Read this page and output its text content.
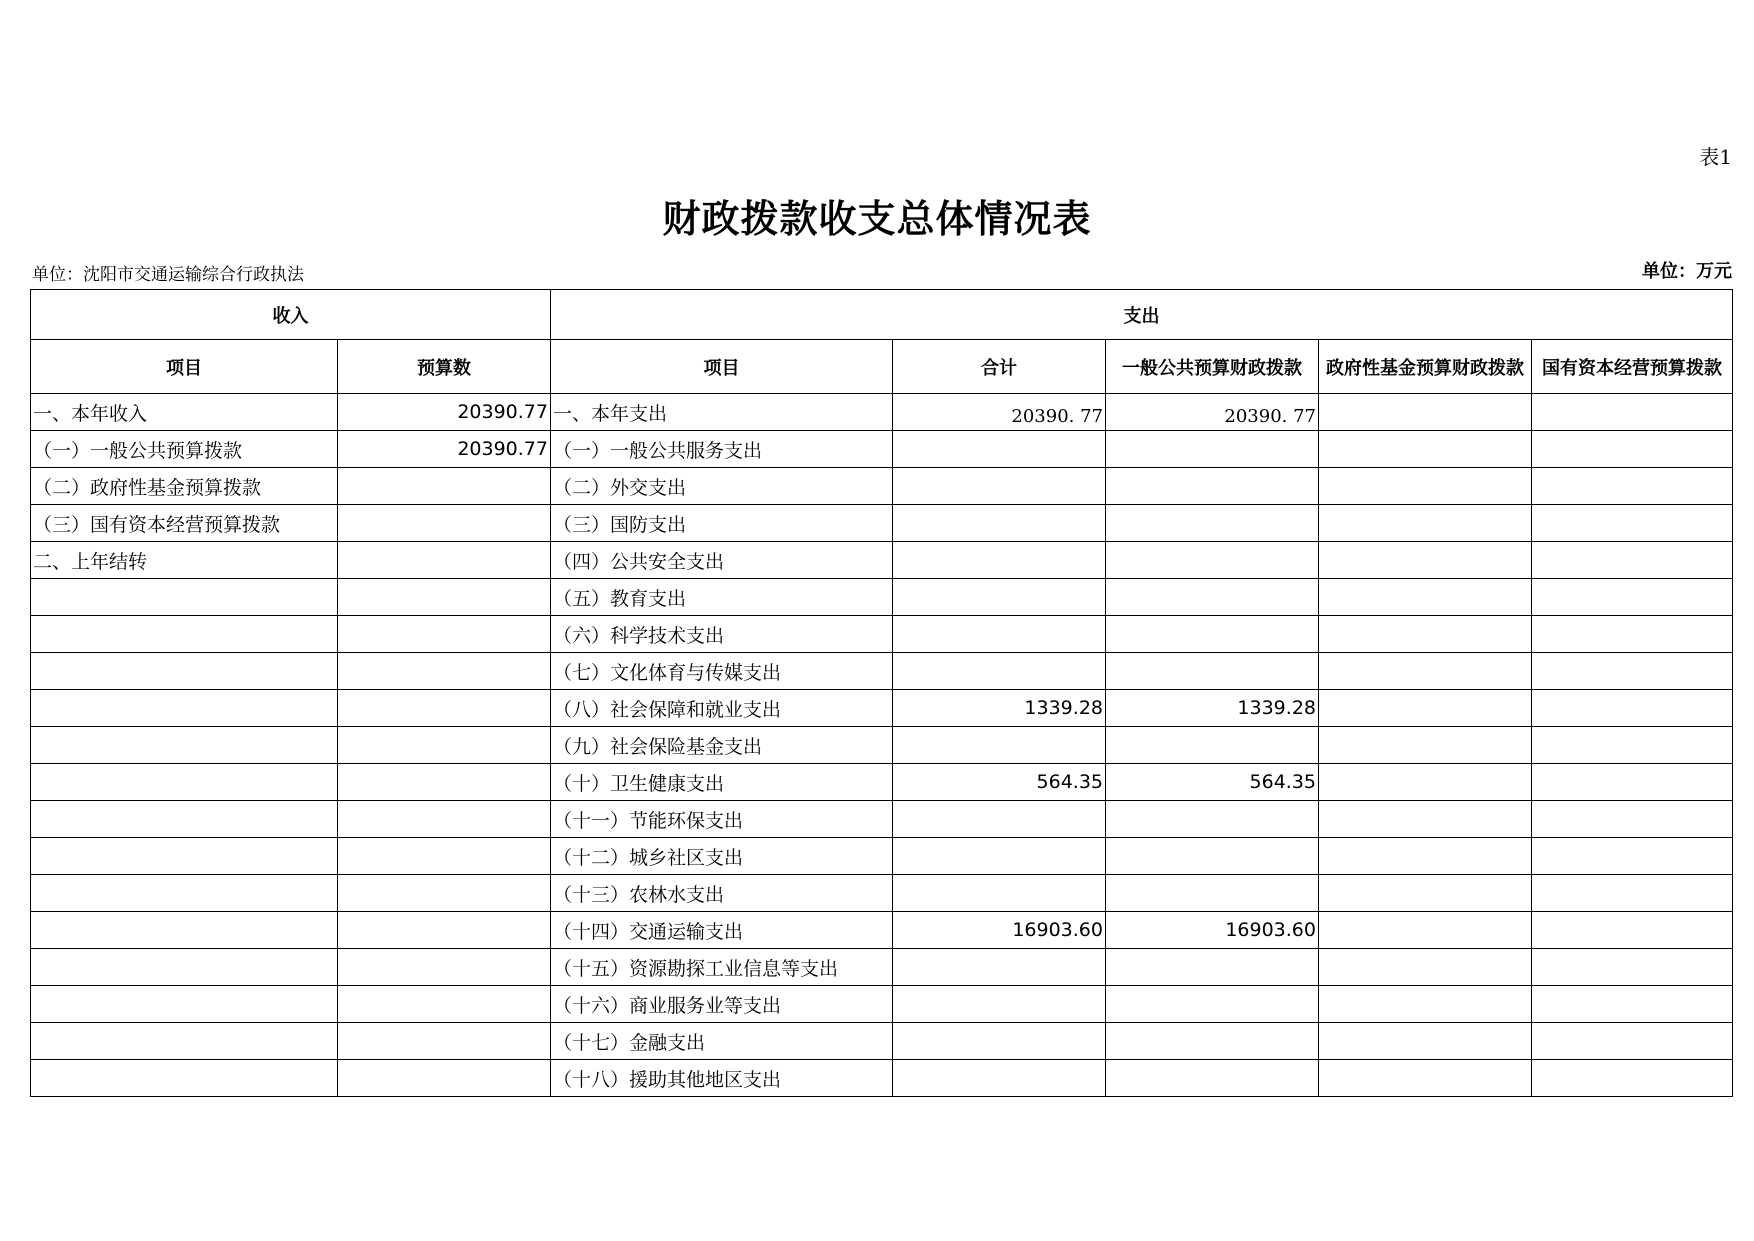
表1
财政拨款收支总体情况表
单位：沈阳市交通运输综合行政执法	单位：万元
收入		支出				
项目	预算数	项目	合计	一般公共预算财政拨款	政府性基金预算财政拨款	国有资本经营预算拨款
一、本年收入	20390.77	一、本年支出	20390. 77	20390. 77		
（一）一般公共预算拨款	20390.77	（一）一般公共服务支出				
（二）政府性基金预算拨款		（二）外交支出				
（三）国有资本经营预算拨款		（三）国防支出				
二、上年结转		（四）公共安全支出				
		（五）教育支出				
		（六）科学技术支出				
		（七）文化体育与传媒支出				
		（八）社会保障和就业支出	1339.28	1339.28		
		（九）社会保险基金支出				
		（十）卫生健康支出	564.35	564.35		
		（十一）节能环保支出				
		（十二）城乡社区支出				
		（十三）农林水支出				
		（十四）交通运输支出	16903.60	16903.60		
		（十五）资源勘探工业信息等支出				
		（十六）商业服务业等支出				
		（十七）金融支出				
		（十八）援助其他地区支出				
